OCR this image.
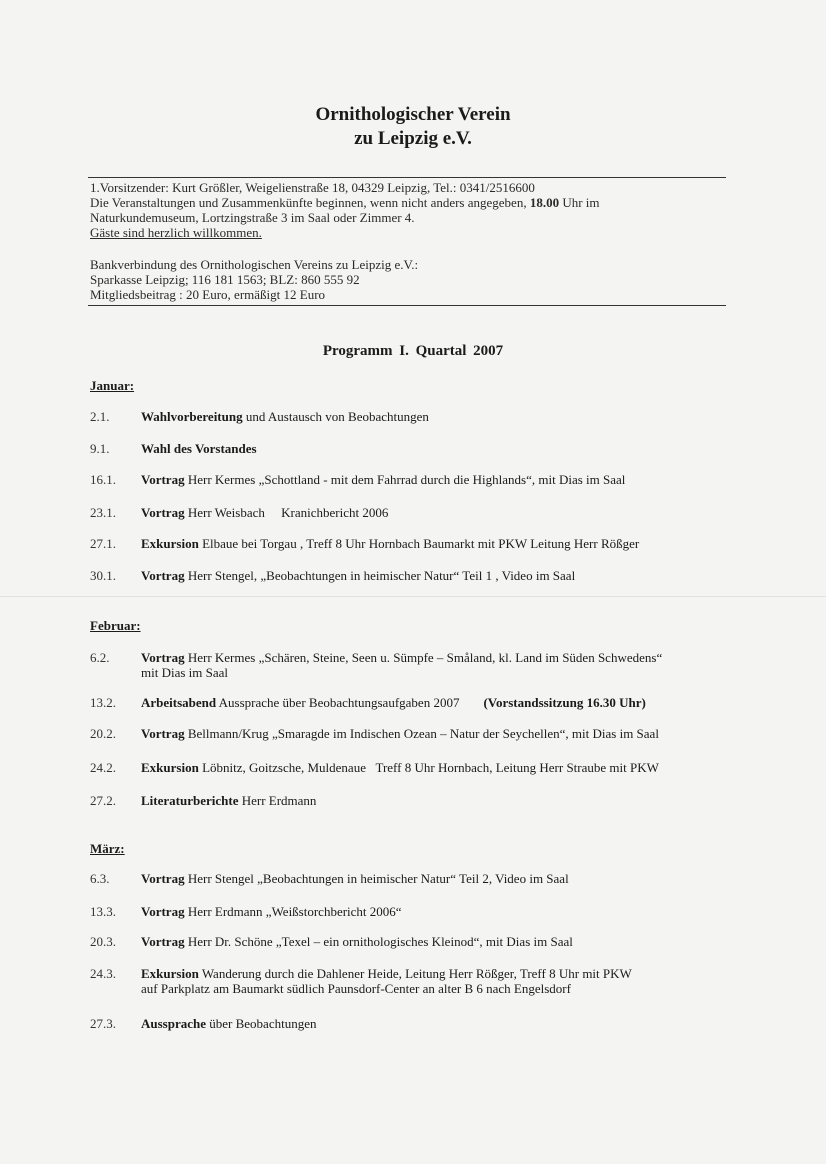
Ornithologischer Verein
zu Leipzig e.V.
1.Vorsitzender: Kurt Größler, Weigelienstraße 18, 04329 Leipzig, Tel.: 0341/2516600
Die Veranstaltungen und Zusammenkünfte beginnen, wenn nicht anders angegeben, 18.00 Uhr im
Naturkundemuseum, Lortzingstraße 3 im Saal oder Zimmer 4.
Gäste sind herzlich willkommen.
Bankverbindung des Ornithologischen Vereins zu Leipzig e.V.:
Sparkasse Leipzig; 116 181 1563; BLZ: 860 555 92
Mitgliedsbeitrag : 20 Euro, ermäßigt 12 Euro
Programm I. Quartal 2007
Januar:
2.1.	Wahlvorbereitung und Austausch von Beobachtungen
9.1.	Wahl des Vorstandes
16.1.	Vortrag Herr Kermes „Schottland - mit dem Fahrrad durch die Highlands“, mit Dias im Saal
23.1.	Vortrag Herr Weisbach     Kranichbericht 2006
27.1.	Exkursion Elbaue bei Torgau , Treff 8 Uhr Hornbach Baumarkt mit PKW Leitung Herr Rößger
30.1.	Vortrag Herr Stengel, „Beobachtungen in heimischer Natur“ Teil 1 , Video im Saal
Februar:
6.2.	Vortrag Herr Kermes „Schären, Steine, Seen u. Sümpfe – Småland, kl. Land im Süden Schwedens“
mit Dias im Saal
13.2.	Arbeitsabend Aussprache über Beobachtungsaufgaben 2007 (Vorstandssitzung 16.30 Uhr)
20.2.	Vortrag Bellmann/Krug „Smaragde im Indischen Ozean – Natur der Seychellen“, mit Dias im Saal
24.2.	Exkursion Löbnitz, Goitzsche, Muldenaue   Treff 8 Uhr Hornbach, Leitung Herr Straube mit PKW
27.2.	Literaturberichte Herr Erdmann
März:
6.3.	Vortrag Herr Stengel „Beobachtungen in heimischer Natur“ Teil 2, Video im Saal
13.3.	Vortrag Herr Erdmann „Weißstorchbericht 2006“
20.3.	Vortrag Herr Dr. Schöne „Texel – ein ornithologisches Kleinod“, mit Dias im Saal
24.3.	Exkursion Wanderung durch die Dahlener Heide, Leitung Herr Rößger, Treff 8 Uhr mit PKW
auf Parkplatz am Baumarkt südlich Paunsdorf-Center an alter B 6 nach Engelsdorf
27.3.	Aussprache über Beobachtungen
